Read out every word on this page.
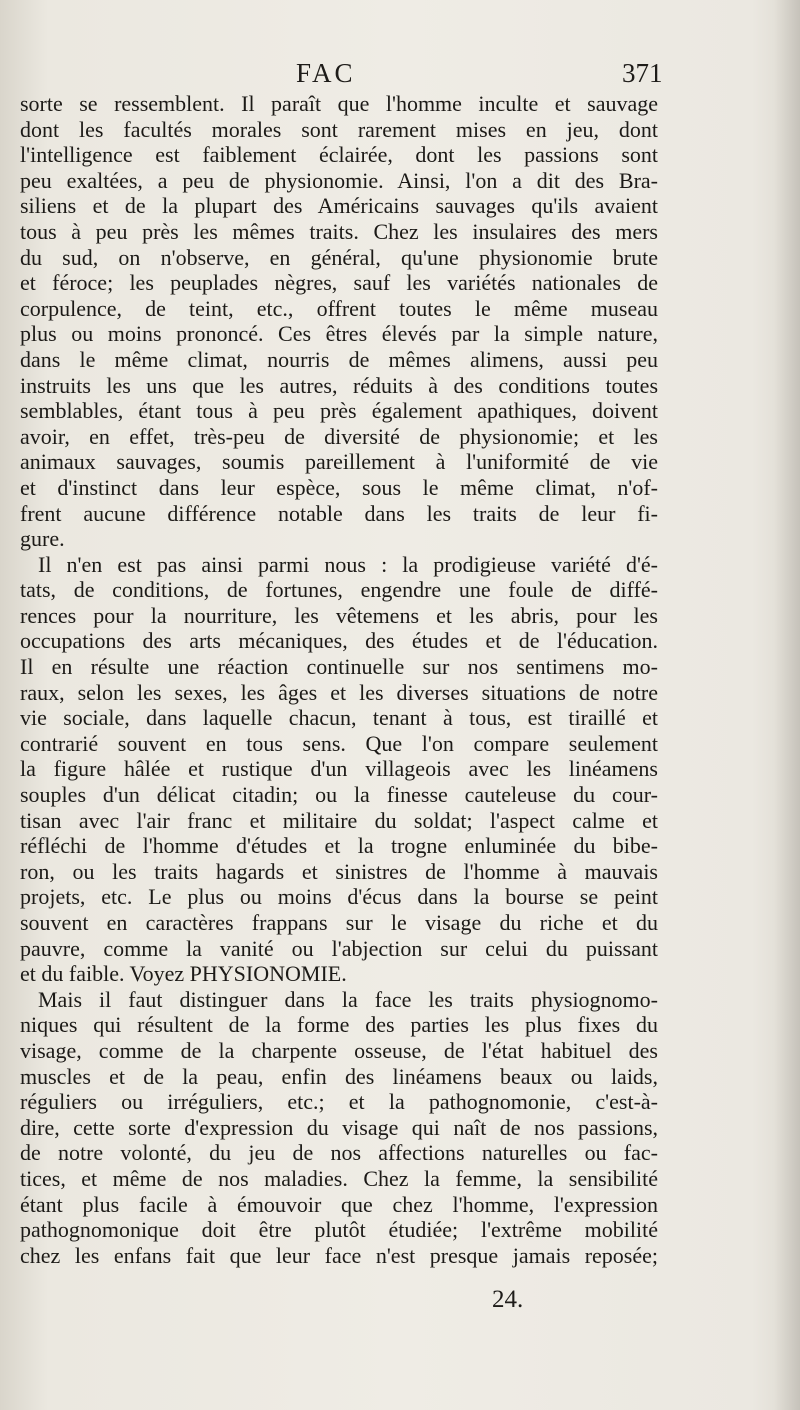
FAC	371
sorte se ressemblent. Il paraît que l'homme inculte et sauvage
dont les facultés morales sont rarement mises en jeu, dont
l'intelligence est faiblement éclairée, dont les passions sont
peu exaltées, a peu de physionomie. Ainsi, l'on a dit des Bra-
siliens et de la plupart des Américains sauvages qu'ils avaient
tous à peu près les mêmes traits. Chez les insulaires des mers
du sud, on n'observe, en général, qu'une physionomie brute
et féroce; les peuplades nègres, sauf les variétés nationales de
corpulence, de teint, etc., offrent toutes le même museau
plus ou moins prononcé. Ces êtres élevés par la simple nature,
dans le même climat, nourris de mêmes alimens, aussi peu
instruits les uns que les autres, réduits à des conditions toutes
semblables, étant tous à peu près également apathiques, doivent
avoir, en effet, très-peu de diversité de physionomie; et les
animaux sauvages, soumis pareillement à l'uniformité de vie
et d'instinct dans leur espèce, sous le même climat, n'of-
frent aucune différence notable dans les traits de leur fi-
gure.
Il n'en est pas ainsi parmi nous : la prodigieuse variété d'é-
tats, de conditions, de fortunes, engendre une foule de diffé-
rences pour la nourriture, les vêtemens et les abris, pour les
occupations des arts mécaniques, des études et de l'éducation.
Il en résulte une réaction continuelle sur nos sentimens mo-
raux, selon les sexes, les âges et les diverses situations de notre
vie sociale, dans laquelle chacun, tenant à tous, est tiraillé et
contrarié souvent en tous sens. Que l'on compare seulement
la figure hâlée et rustique d'un villageois avec les linéamens
souples d'un délicat citadin; ou la finesse cauteleuse du cour-
tisan avec l'air franc et militaire du soldat; l'aspect calme et
réfléchi de l'homme d'études et la trogne enluminée du bibe-
ron, ou les traits hagards et sinistres de l'homme à mauvais
projets, etc. Le plus ou moins d'écus dans la bourse se peint
souvent en caractères frappans sur le visage du riche et du
pauvre, comme la vanité ou l'abjection sur celui du puissant
et du faible. Voyez PHYSIONOMIE.
Mais il faut distinguer dans la face les traits physiognomo-
niques qui résultent de la forme des parties les plus fixes du
visage, comme de la charpente osseuse, de l'état habituel des
muscles et de la peau, enfin des linéamens beaux ou laids,
réguliers ou irréguliers, etc.; et la pathognomonie, c'est-à-
dire, cette sorte d'expression du visage qui naît de nos passions,
de notre volonté, du jeu de nos affections naturelles ou fac-
tices, et même de nos maladies. Chez la femme, la sensibilité
étant plus facile à émouvoir que chez l'homme, l'expression
pathognomonique doit être plutôt étudiée; l'extrême mobilité
chez les enfans fait que leur face n'est presque jamais reposée;
24.
